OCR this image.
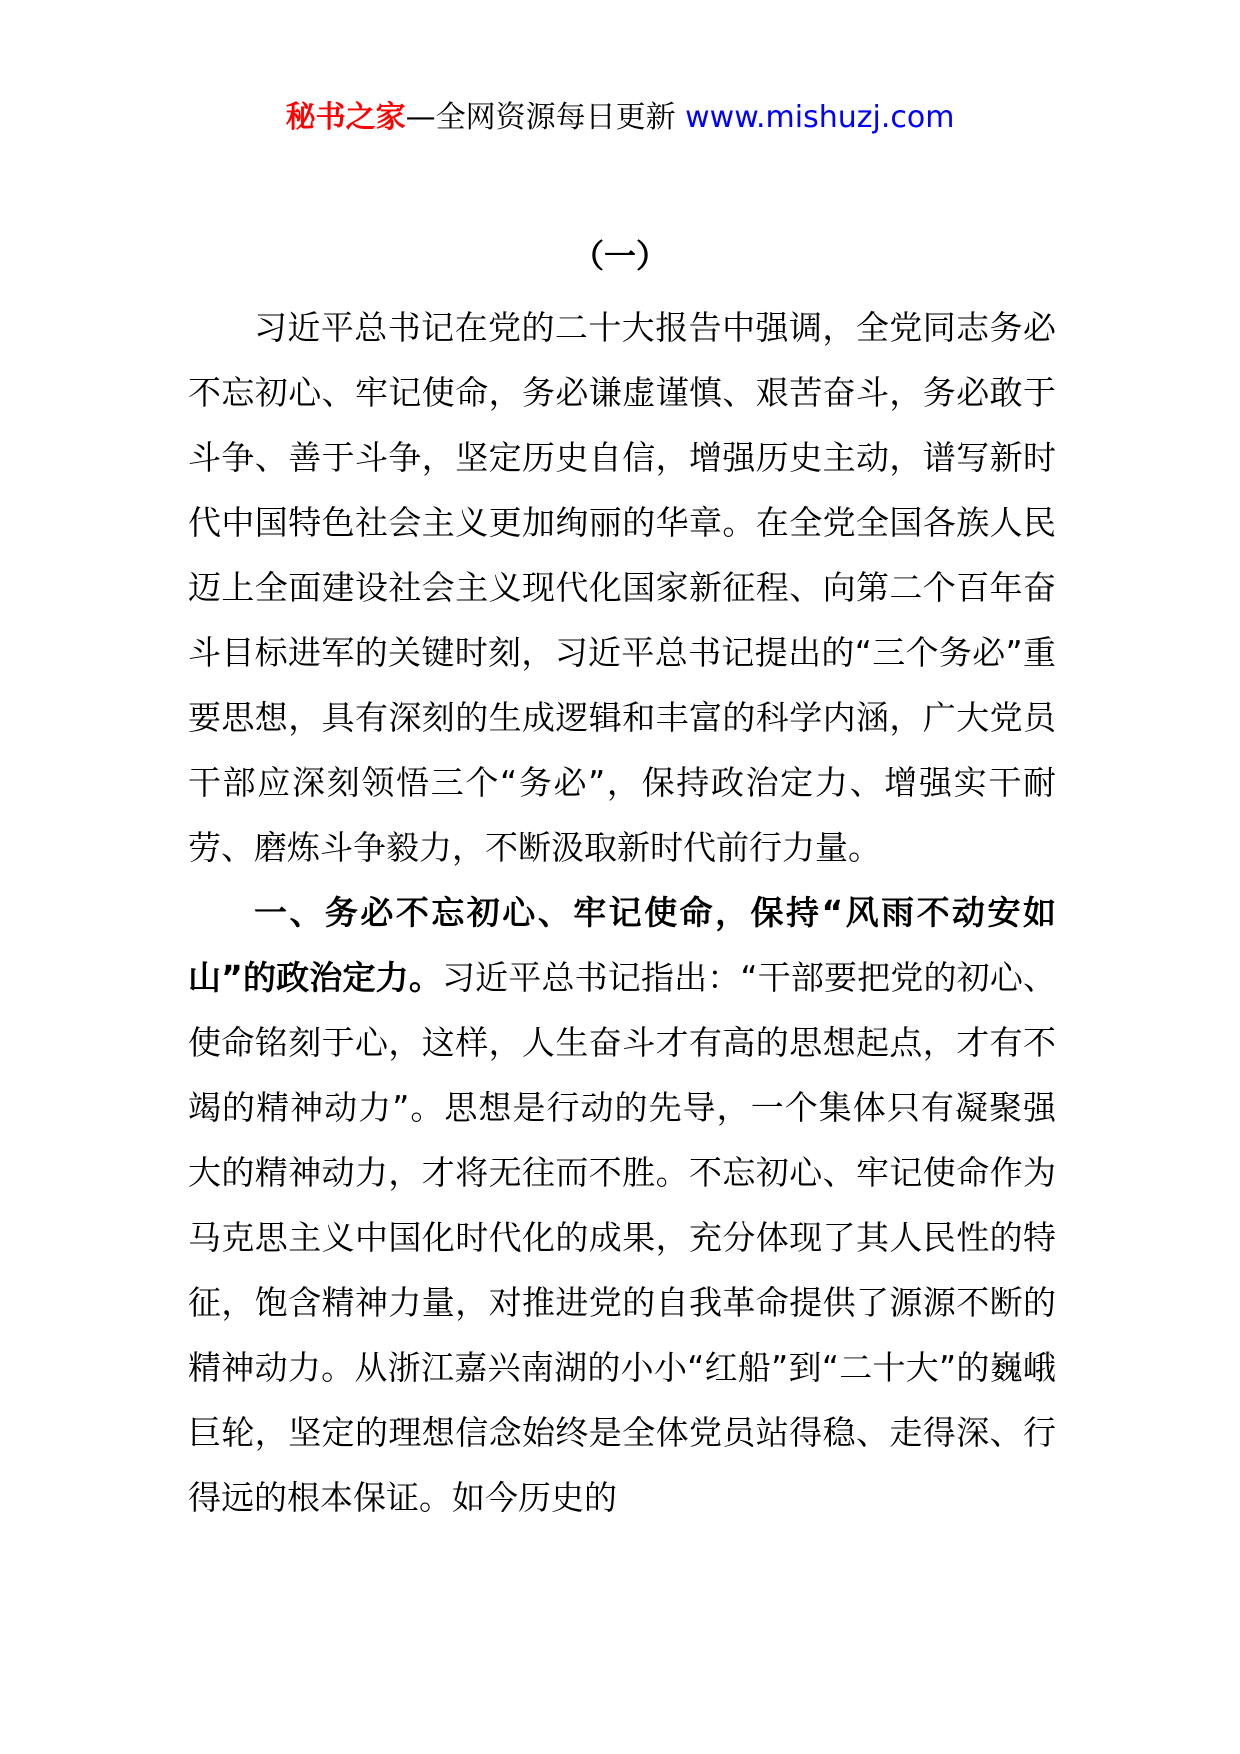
秘书之家—全网资源每日更新 www.mishuzj.com
（一）

习近平总书记在党的二十大报告中强调，全党同志务必不忘初心、牢记使命，务必谦虚谨慎、艰苦奋斗，务必敢于斗争、善于斗争，坚定历史自信，增强历史主动，谱写新时代中国特色社会主义更加绚丽的华章。在全党全国各族人民迈上全面建设社会主义现代化国家新征程、向第二个百年奋斗目标进军的关键时刻，习近平总书记提出的“三个务必”重要思想，具有深刻的生成逻辑和丰富的科学内涵，广大党员干部应深刻领悟三个“务必”，保持政治定力、增强实干耐劳、磨炼斗争毅力，不断汲取新时代前行力量。

一、务必不忘初心、牢记使命，保持“风雨不动安如山”的政治定力。习近平总书记指出：“干部要把党的初心、使命铭刻于心，这样，人生奋斗才有高的思想起点，才有不竭的精神动力”。思想是行动的先导，一个集体只有凝聚强大的精神动力，才将无往而不胜。不忘初心、牢记使命作为马克思主义中国化时代化的成果，充分体现了其人民性的特征，饱含精神力量，对推进党的自我革命提供了源源不断的精神动力。从浙江嘉兴南湖的小小“红船”到“二十大”的巍峨巨轮，坚定的理想信念始终是全体党员站得稳、走得深、行得远的根本保证。如今历史的
